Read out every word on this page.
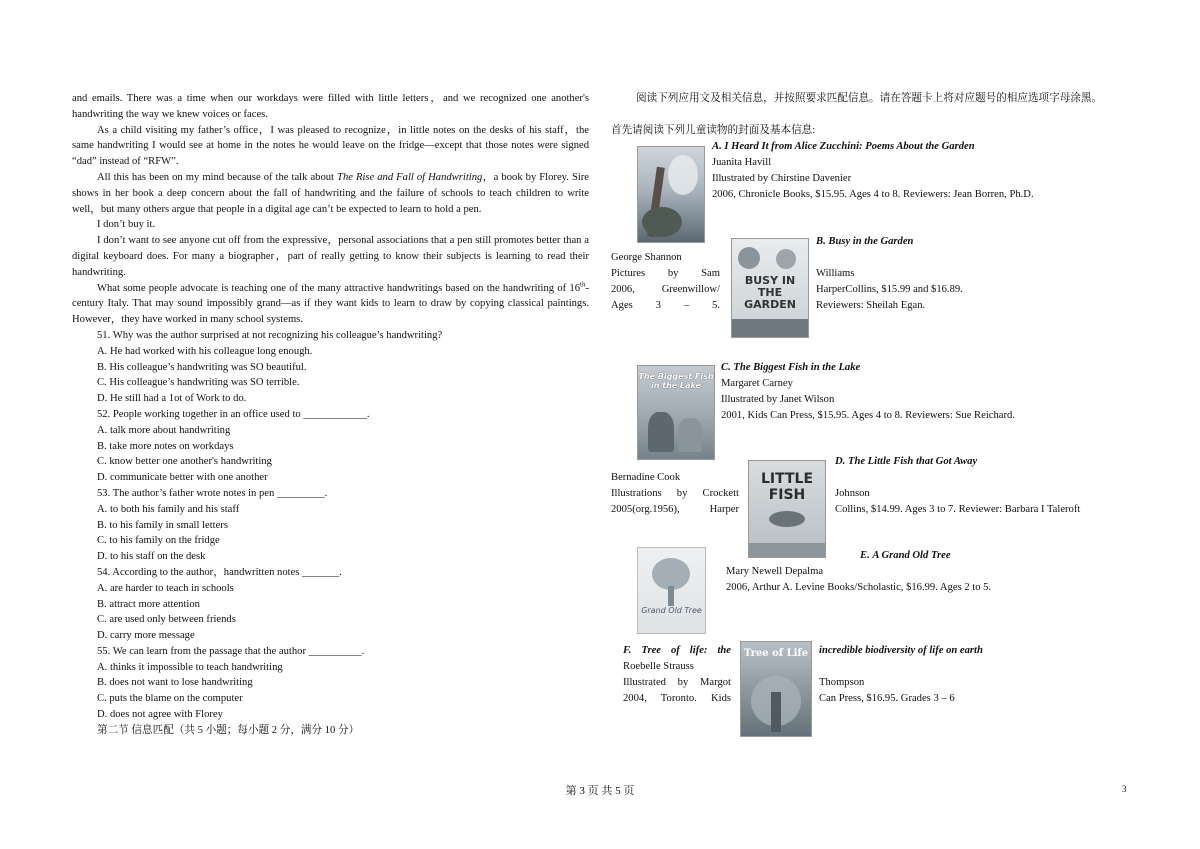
and emails. There was a time when our workdays were filled with little letters，and we recognized one another's handwriting the way we knew voices or faces.

As a child visiting my father’s office，I was pleased to recognize，in little notes on the desks of his staff，the same handwriting I would see at home in the notes he would leave on the fridge—except that those notes were signed “dad” instead of “RFW”.

All this has been on my mind because of the talk about The Rise and Fall of Handwriting，a book by Florey. Sire shows in her book a deep concern about the fall of handwriting and the failure of schools to teach children to write well，but many others argue that people in a digital age can’t be expected to learn to hold a pen.

I don’t buy it.

I don’t want to see anyone cut off from the expressive，personal associations that a pen still promotes better than a digital keyboard does. For many a biographer，part of really getting to know their subjects is learning to read their handwriting.

What some people advocate is teaching one of the many attractive handwritings based on the handwriting of 16th-century Italy. That may sound impossibly grand—as if they want kids to learn to draw by copying classical paintings. However，they have worked in many school systems.

51. Why was the author surprised at not recognizing his colleague’s handwriting?

A. He had worked with his colleague long enough.

B. His colleague’s handwriting was SO beautiful.

C. His colleague’s handwriting was SO terrible.

D. He still had a 1ot of Work to do.

52. People working together in an office used to ____________.

A. talk more about handwriting

B. take more notes on workdays

C. know better one another's handwriting

D. communicate better with one another

53. The author’s father wrote notes in pen _________.

A. to both his family and his staff

B. to his family in small letters

C. to his family on the fridge

D. to his staff on the desk

54. According to the author，handwritten notes _______.

A. are harder to teach in schools

B. attract more attention

C. are used only between friends

D. carry more message

55. We can learn from the passage that the author __________.

A. thinks it impossible to teach handwriting

B. does not want to lose handwriting

C. puts the blame on the computer

D. does not agree with Florey

第二节 信息匹配（共 5 小题；每小题 2 分，满分 10 分）

阅读下列应用文及相关信息，并按照要求匹配信息。请在答题卡上将对应题号的相应选项字母涂黑。

首先请阅读下列儿童读物的封面及基本信息:

A. I Heard It from Alice Zucchini: Poems About the Garden
Juanita Havill
Illustrated by Chirstine Davenier
2006, Chronicle Books, $15.95. Ages 4 to 8. Reviewers: Jean Borren, Ph.D.
B. Busy in the Garden
BUSY IN THE GARDEN
George Shannon
Pictures by Sam
2006, Greenwillow/
Ages 3 – 5.
Williams
HarperCollins, $15.99 and $16.89.
Reviewers: Sheilah Egan.
The Biggest Fish in the Lake
C. The Biggest Fish in the Lake
Margaret Carney
Illustrated by Janet Wilson
2001, Kids Can Press, $15.95. Ages 4 to 8. Reviewers: Sue Reichard.
D. The Little Fish that Got Away
LITTLE FISH
Bernadine Cook
Illustrations by Crockett
2005(org.1956), Harper
Johnson
Collins, $14.99. Ages 3 to 7. Reviewer: Barbara I Taleroft
E. A Grand Old Tree
Grand Old Tree
Mary Newell Depalma
2006, Arthur A. Levine Books/Scholastic, $16.99. Ages 2 to 5.
F. Tree of life: the	incredible biodiversity of life on earth
Tree of Life
Roebelle Strauss
Illustrated by Margot
2004, Toronto. Kids
Thompson
Can Press, $16.95. Grades 3 – 6
第 3 页 共 5 页	3
